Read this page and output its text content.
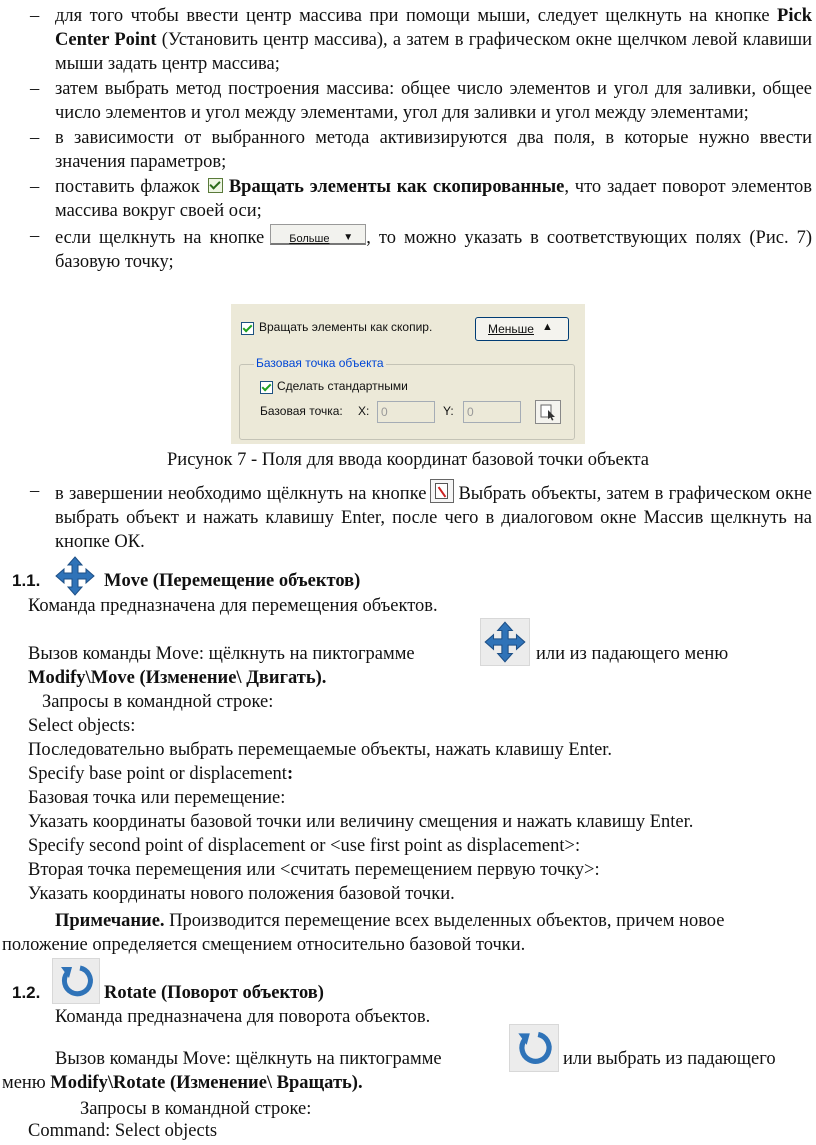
– для того чтобы ввести центр массива при помощи мыши, следует щелкнуть на кнопке Pick Center Point (Установить центр массива), а затем в графическом окне щелчком левой клавиши мыши задать центр массива;
– затем выбрать метод построения массива: общее число элементов и угол для заливки, общее число элементов и угол между элементами, угол для заливки и угол между элементами;
– в зависимости от выбранного метода активизируются два поля, в которые нужно ввести значения параметров;
– поставить флажок Вращать элементы как скопированные, что задает поворот элементов массива вокруг своей оси;
– если щелкнуть на кнопке Больше ▼ , то можно указать в соответствующих полях (Рис. 7) базовую точку;
Вращать элементы как скопир.	Меньше ▲
Базовая точка объекта
Сделать стандартными
Базовая точка: X: 0	Y: 0
Рисунок 7 - Поля для ввода координат базовой точки объекта
– в завершении необходимо щёлкнуть на кнопке Выбрать объекты, затем в графическом окне выбрать объект и нажать клавишу Enter, после чего в диалоговом окне Массив щелкнуть на кнопке ОК.
1.1.	Move (Перемещение объектов)
Команда предназначена для перемещения объектов.
Вызов команды Move: щёлкнуть на пиктограмме	или из падающего меню
Modify\Move (Изменение\ Двигать).
Запросы в командной строке:
Select objects:
Последовательно выбрать перемещаемые объекты, нажать клавишу Enter.
Specify base point or displacement:
Базовая точка или перемещение:
Указать координаты базовой точки или величину смещения и нажать клавишу Enter.
Specify second point of displacement or <use first point as displacement>:
Вторая точка перемещения или <считать перемещением первую точку>:
Указать координаты нового положения базовой точки.
Примечание. Производится перемещение всех выделенных объектов, причем новое
положение определяется смещением относительно базовой точки.
1.2.	Rotate (Поворот объектов)
Команда предназначена для поворота объектов.
Вызов команды Move: щёлкнуть на пиктограмме	или выбрать из падающего
меню Modify\Rotate (Изменение\ Вращать).
Запросы в командной строке:
Command: Select objects
